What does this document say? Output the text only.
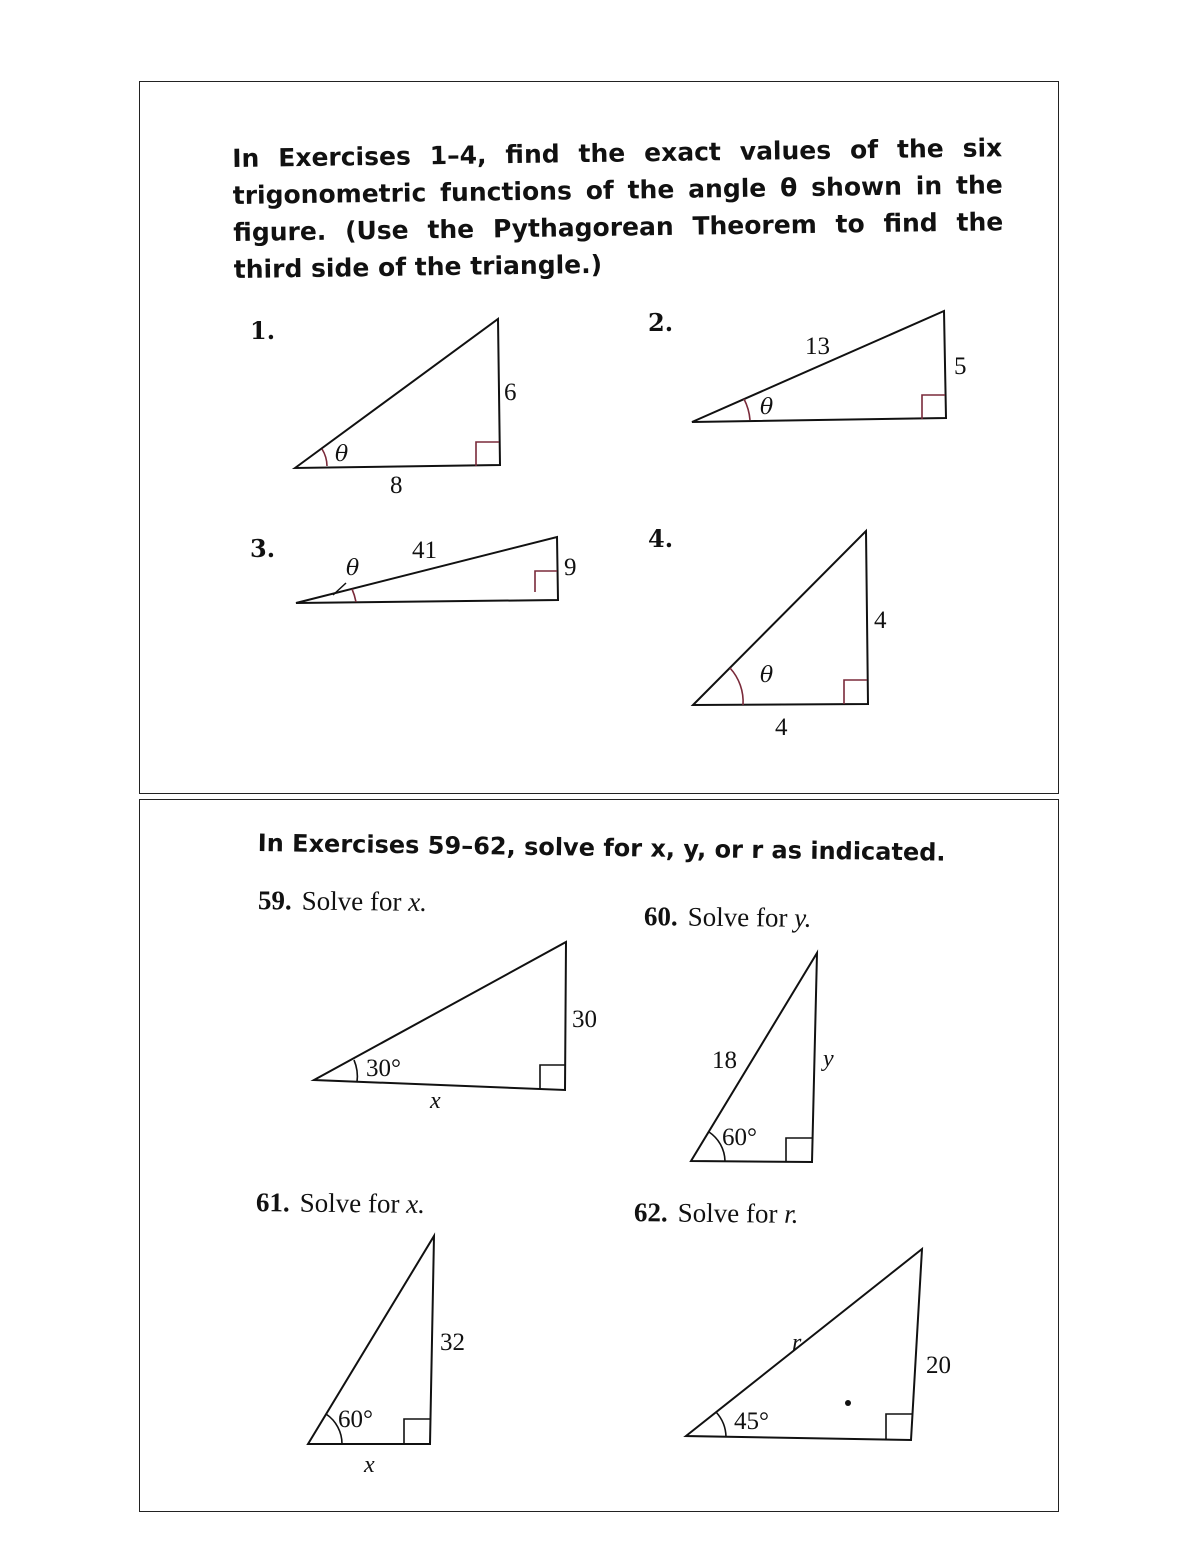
In Exercises 1–4, find the exact values of the six trigonometric functions of the angle θ shown in the figure. (Use the Pythagorean Theorem to find the third side of the triangle.)
1.	2.
3.	4.
θ
6
8
13
5
θ
θ
41
9
4
θ
4
In Exercises 59–62, solve for x, y, or r as indicated.
59. Solve for x.	60. Solve for y.
61. Solve for x.	62. Solve for r.
30
30°
x
18	y
60°
32
60°
x
r
20
45°
